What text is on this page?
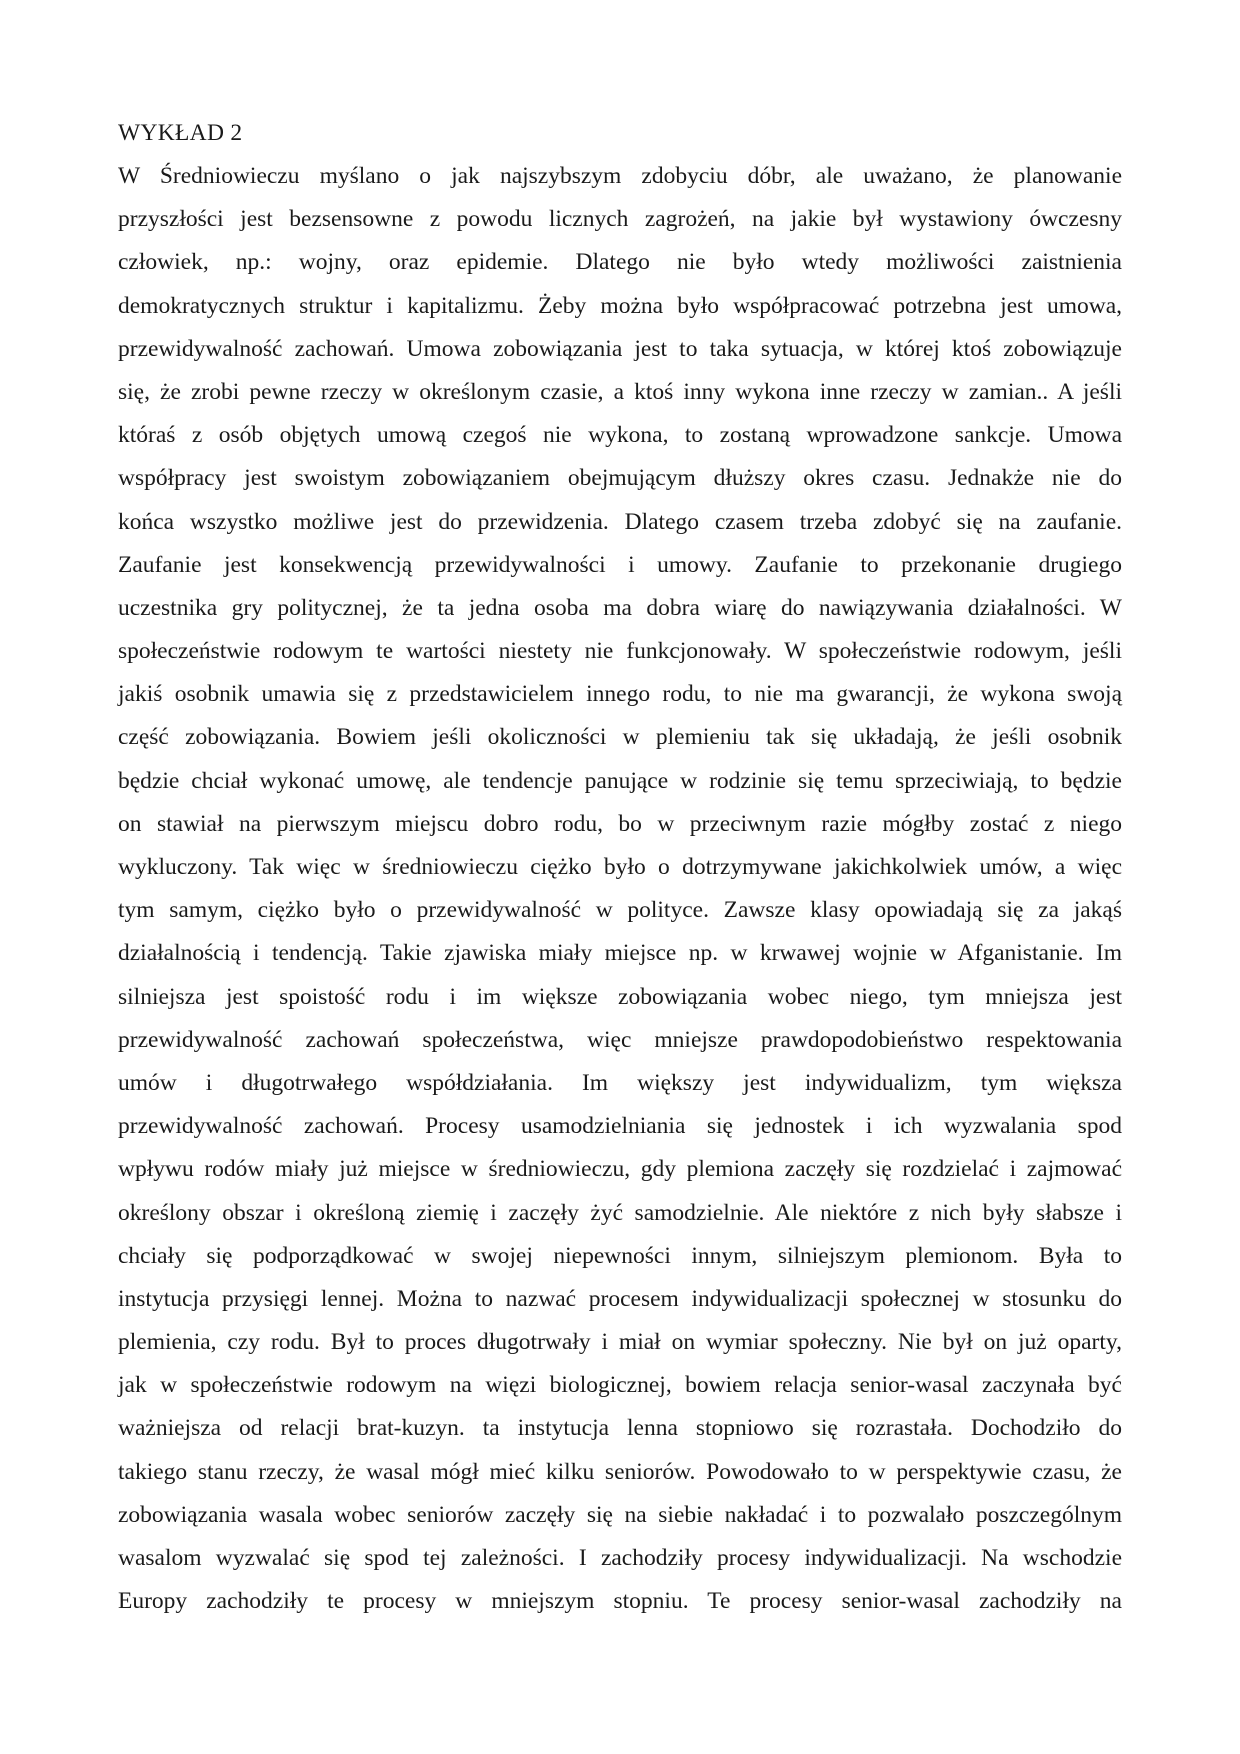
WYKŁAD 2
W Średniowieczu myślano o jak najszybszym zdobyciu dóbr, ale uważano, że planowanie
przyszłości jest bezsensowne z powodu licznych zagrożeń, na jakie był wystawiony ówczesny
człowiek, np.: wojny, oraz epidemie. Dlatego nie było wtedy możliwości zaistnienia
demokratycznych struktur i kapitalizmu. Żeby można było współpracować potrzebna jest umowa,
przewidywalność zachowań. Umowa zobowiązania jest to taka sytuacja, w której ktoś zobowiązuje
się, że zrobi pewne rzeczy w określonym czasie, a ktoś inny wykona inne rzeczy w zamian.. A jeśli
któraś z osób objętych umową czegoś nie wykona, to zostaną wprowadzone sankcje. Umowa
współpracy jest swoistym zobowiązaniem obejmującym dłuższy okres czasu. Jednakże nie do
końca wszystko możliwe jest do przewidzenia. Dlatego czasem trzeba zdobyć się na zaufanie.
Zaufanie jest konsekwencją przewidywalności i umowy. Zaufanie to przekonanie drugiego
uczestnika gry politycznej, że ta jedna osoba ma dobra wiarę do nawiązywania działalności. W
społeczeństwie rodowym te wartości niestety nie funkcjonowały. W społeczeństwie rodowym, jeśli
jakiś osobnik umawia się z przedstawicielem innego rodu, to nie ma gwarancji, że wykona swoją
część zobowiązania. Bowiem jeśli okoliczności w plemieniu tak się układają, że jeśli osobnik
będzie chciał wykonać umowę, ale tendencje panujące w rodzinie się temu sprzeciwiają, to będzie
on stawiał na pierwszym miejscu dobro rodu, bo w przeciwnym razie mógłby zostać z niego
wykluczony. Tak więc w średniowieczu ciężko było o dotrzymywane jakichkolwiek umów, a więc
tym samym, ciężko było o przewidywalność w polityce. Zawsze klasy opowiadają się za jakąś
działalnością i tendencją. Takie zjawiska miały miejsce np. w krwawej wojnie w Afganistanie. Im
silniejsza jest spoistość rodu i im większe zobowiązania wobec niego, tym mniejsza jest
przewidywalność zachowań społeczeństwa, więc mniejsze prawdopodobieństwo respektowania
umów i długotrwałego współdziałania. Im większy jest indywidualizm, tym większa
przewidywalność zachowań. Procesy usamodzielniania się jednostek i ich wyzwalania spod
wpływu rodów miały już miejsce w średniowieczu, gdy plemiona zaczęły się rozdzielać i zajmować
określony obszar i określoną ziemię i zaczęły żyć samodzielnie. Ale niektóre z nich były słabsze i
chciały się podporządkować w swojej niepewności innym, silniejszym plemionom. Była to
instytucja przysięgi lennej. Można to nazwać procesem indywidualizacji społecznej w stosunku do
plemienia, czy rodu. Był to proces długotrwały i miał on wymiar społeczny. Nie był on już oparty,
jak w społeczeństwie rodowym na więzi biologicznej, bowiem relacja senior-wasal zaczynała być
ważniejsza od relacji brat-kuzyn. ta instytucja lenna stopniowo się rozrastała. Dochodziło do
takiego stanu rzeczy, że wasal mógł mieć kilku seniorów. Powodowało to w perspektywie czasu, że
zobowiązania wasala wobec seniorów zaczęły się na siebie nakładać i to pozwalało poszczególnym
wasalom wyzwalać się spod tej zależności. I zachodziły procesy indywidualizacji. Na wschodzie
Europy zachodziły te procesy w mniejszym stopniu. Te procesy senior-wasal zachodziły na
